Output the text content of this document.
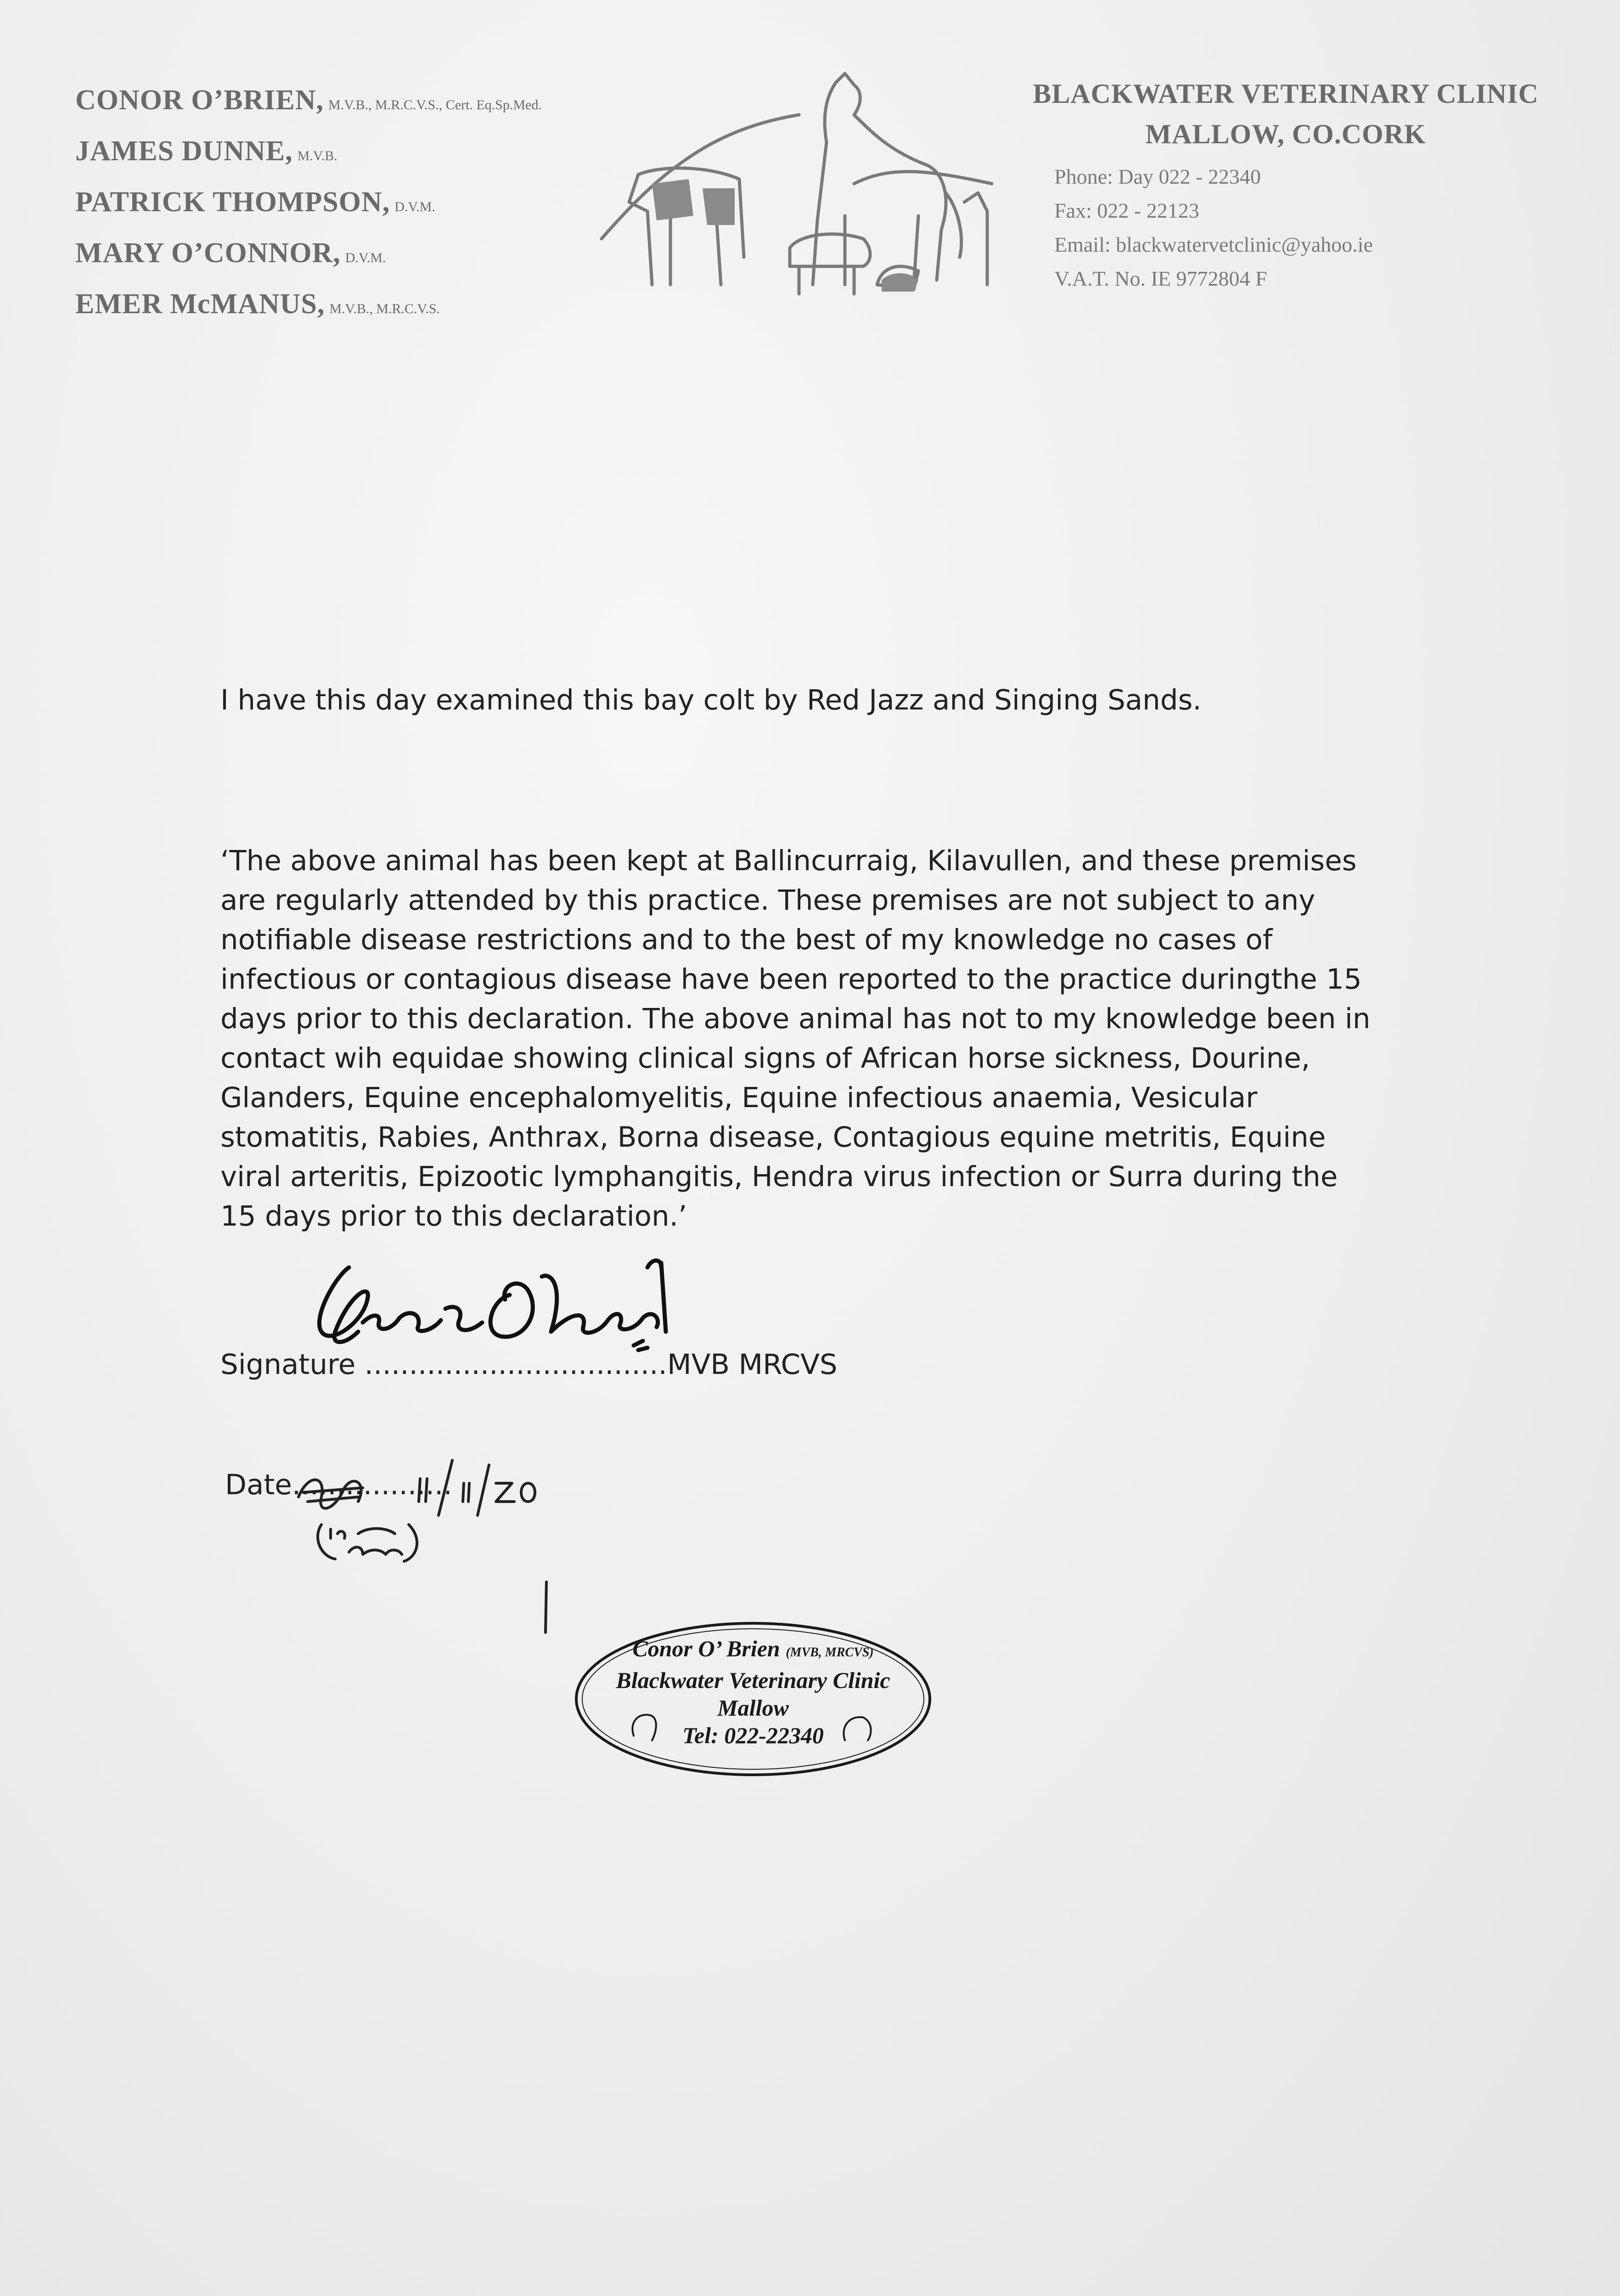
CONOR O’BRIEN, M.V.B., M.R.C.V.S., Cert. Eq.Sp.Med.
JAMES DUNNE, M.V.B.
PATRICK THOMPSON, D.V.M.
MARY O’CONNOR, D.V.M.
EMER McMANUS, M.V.B., M.R.C.V.S.
BLACKWATER VETERINARY CLINIC
MALLOW, CO.CORK
Phone: Day 022 - 22340
Fax: 022 - 22123
Email: blackwatervetclinic@yahoo.ie
V.A.T. No. IE 9772804 F
I have this day examined this bay colt by Red Jazz and Singing Sands.
‘The above animal has been kept at Ballincurraig, Kilavullen, and these premises
are regularly attended by this practice. These premises are not subject to any
notifiable disease restrictions and to the best of my knowledge no cases of
infectious or contagious disease have been reported to the practice duringthe 15
days prior to this declaration. The above animal has not to my knowledge been in
contact wih equidae showing clinical signs of African horse sickness, Dourine,
Glanders, Equine encephalomyelitis, Equine infectious anaemia, Vesicular
stomatitis, Rabies, Anthrax, Borna disease, Contagious equine metritis, Equine
viral arteritis, Epizootic lymphangitis, Hendra virus infection or Surra during the
15 days prior to this declaration.’
Signature ..................................MVB MRCVS
Date..................
Conor O’ Brien (MVB, MRCVS)
Blackwater Veterinary Clinic
Mallow
Tel: 022-22340
